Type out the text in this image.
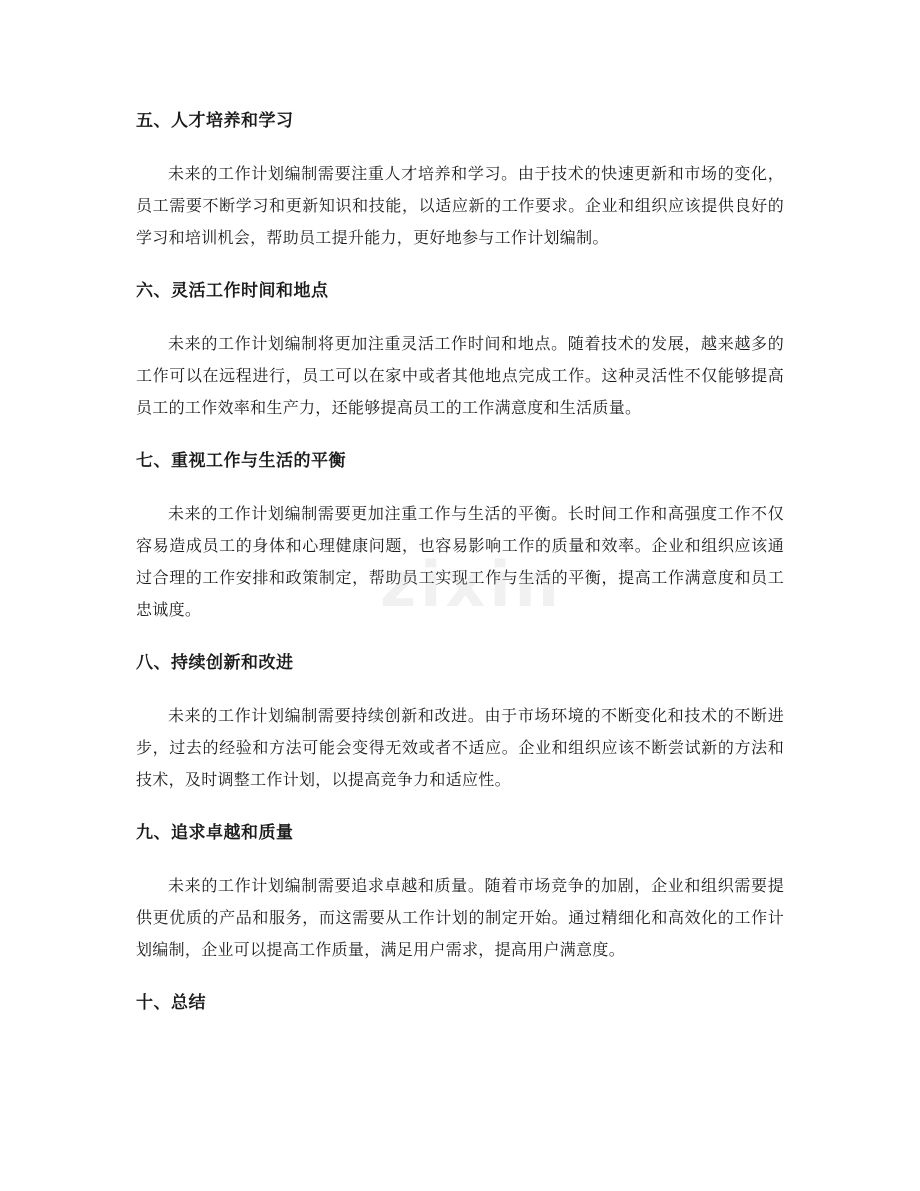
五、人才培养和学习

未来的工作计划编制需要注重人才培养和学习。由于技术的快速更新和市场的变化，员工需要不断学习和更新知识和技能，以适应新的工作要求。企业和组织应该提供良好的学习和培训机会，帮助员工提升能力，更好地参与工作计划编制。

六、灵活工作时间和地点

未来的工作计划编制将更加注重灵活工作时间和地点。随着技术的发展，越来越多的工作可以在远程进行，员工可以在家中或者其他地点完成工作。这种灵活性不仅能够提高员工的工作效率和生产力，还能够提高员工的工作满意度和生活质量。

七、重视工作与生活的平衡

未来的工作计划编制需要更加注重工作与生活的平衡。长时间工作和高强度工作不仅容易造成员工的身体和心理健康问题，也容易影响工作的质量和效率。企业和组织应该通过合理的工作安排和政策制定，帮助员工实现工作与生活的平衡，提高工作满意度和员工忠诚度。

八、持续创新和改进

未来的工作计划编制需要持续创新和改进。由于市场环境的不断变化和技术的不断进步，过去的经验和方法可能会变得无效或者不适应。企业和组织应该不断尝试新的方法和技术，及时调整工作计划，以提高竞争力和适应性。

九、追求卓越和质量

未来的工作计划编制需要追求卓越和质量。随着市场竞争的加剧，企业和组织需要提供更优质的产品和服务，而这需要从工作计划的制定开始。通过精细化和高效化的工作计划编制，企业可以提高工作质量，满足用户需求，提高用户满意度。

十、总结
zixin
